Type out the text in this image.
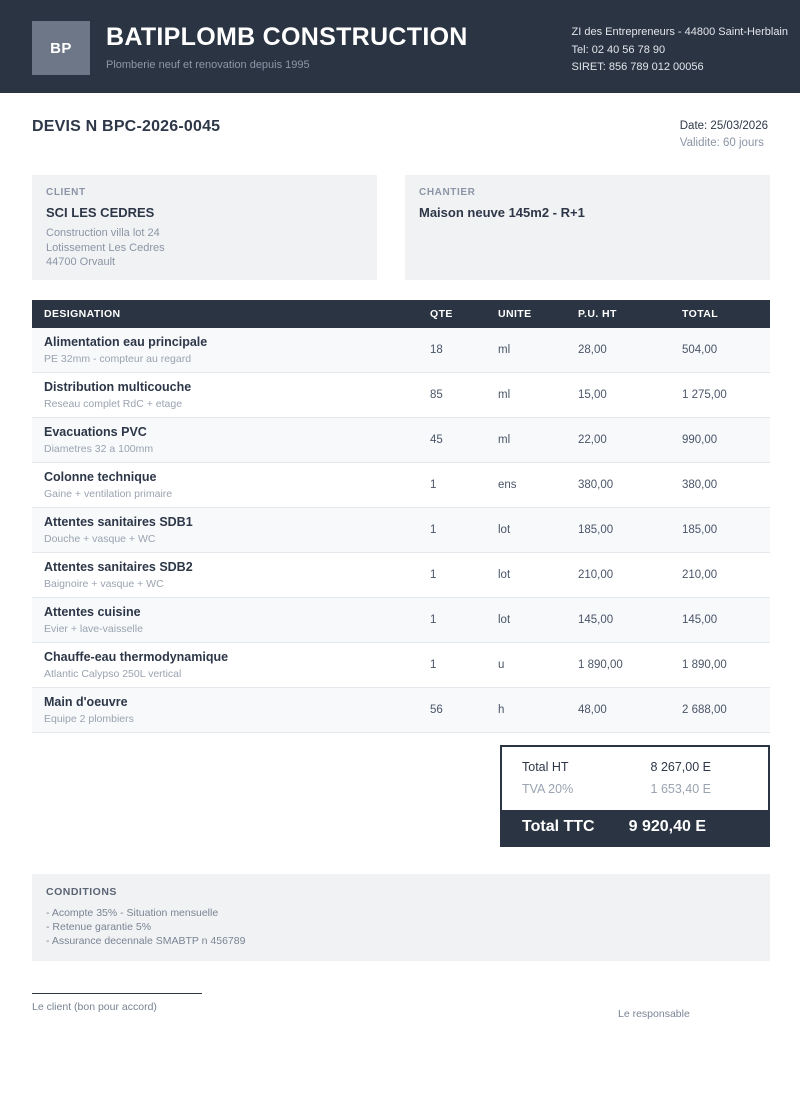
BP	BATIPLOMB CONSTRUCTION
Plomberie neuf et renovation depuis 1995
ZI des Entrepreneurs - 44800 Saint-Herblain
Tel: 02 40 56 78 90
SIRET: 856 789 012 00056
DEVIS N BPC-2026-0045	Date: 25/03/2026
Validite: 60 jours
CLIENT
SCI LES CEDRES
Construction villa lot 24
Lotissement Les Cedres
44700 Orvault
CHANTIER
Maison neuve 145m2 - R+1
DESIGNATION	QTE	UNITE	P.U. HT	TOTAL

Alimentation eau principale
PE 32mm - compteur au regard	18	ml	28,00	504,00

Distribution multicouche
Reseau complet RdC + etage	85	ml	15,00	1 275,00

Evacuations PVC
Diametres 32 a 100mm	45	ml	22,00	990,00

Colonne technique
Gaine + ventilation primaire	1	ens	380,00	380,00

Attentes sanitaires SDB1
Douche + vasque + WC	1	lot	185,00	185,00

Attentes sanitaires SDB2
Baignoire + vasque + WC	1	lot	210,00	210,00

Attentes cuisine
Evier + lave-vaisselle	1	lot	145,00	145,00

Chauffe-eau thermodynamique
Atlantic Calypso 250L vertical	1	u	1 890,00	1 890,00

Main d'oeuvre
Equipe 2 plombiers	56	h	48,00	2 688,00
Total HT	8 267,00 E
TVA 20%	1 653,40 E
Total TTC 9 920,40 E
CONDITIONS
- Acompte 35% - Situation mensuelle
- Retenue garantie 5%
- Assurance decennale SMABTP n 456789
Le client (bon pour accord)
Le responsable
